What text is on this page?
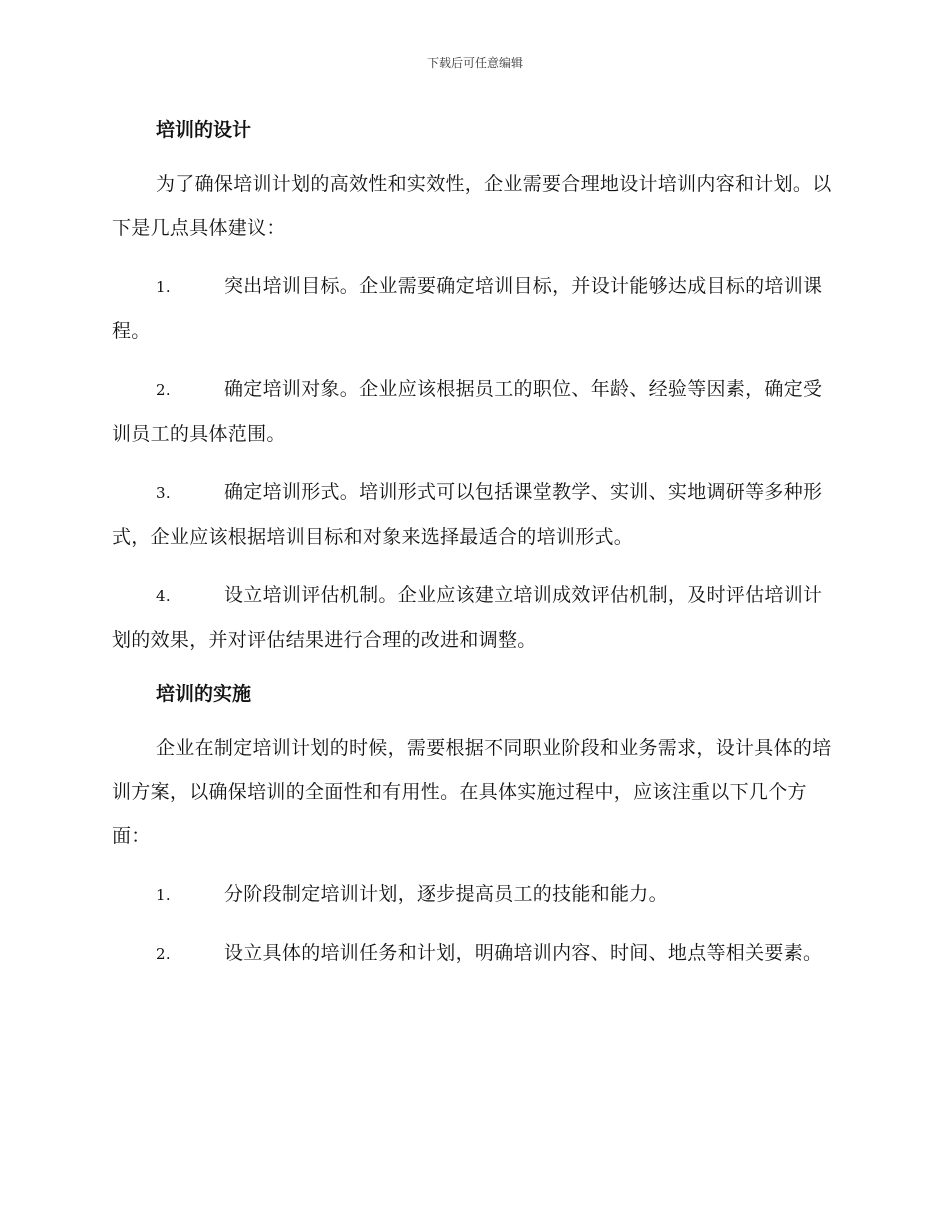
下载后可任意编辑
培训的设计
为了确保培训计划的高效性和实效性，企业需要合理地设计培训内容和计划。以下是几点具体建议：
1.	突出培训目标。企业需要确定培训目标，并设计能够达成目标的培训课程。
2.	确定培训对象。企业应该根据员工的职位、年龄、经验等因素，确定受训员工的具体范围。
3.	确定培训形式。培训形式可以包括课堂教学、实训、实地调研等多种形式，企业应该根据培训目标和对象来选择最适合的培训形式。
4.	设立培训评估机制。企业应该建立培训成效评估机制，及时评估培训计划的效果，并对评估结果进行合理的改进和调整。
培训的实施
企业在制定培训计划的时候，需要根据不同职业阶段和业务需求，设计具体的培训方案，以确保培训的全面性和有用性。在具体实施过程中，应该注重以下几个方面：
1.	分阶段制定培训计划，逐步提高员工的技能和能力。
2.	设立具体的培训任务和计划，明确培训内容、时间、地点等相关要素。
